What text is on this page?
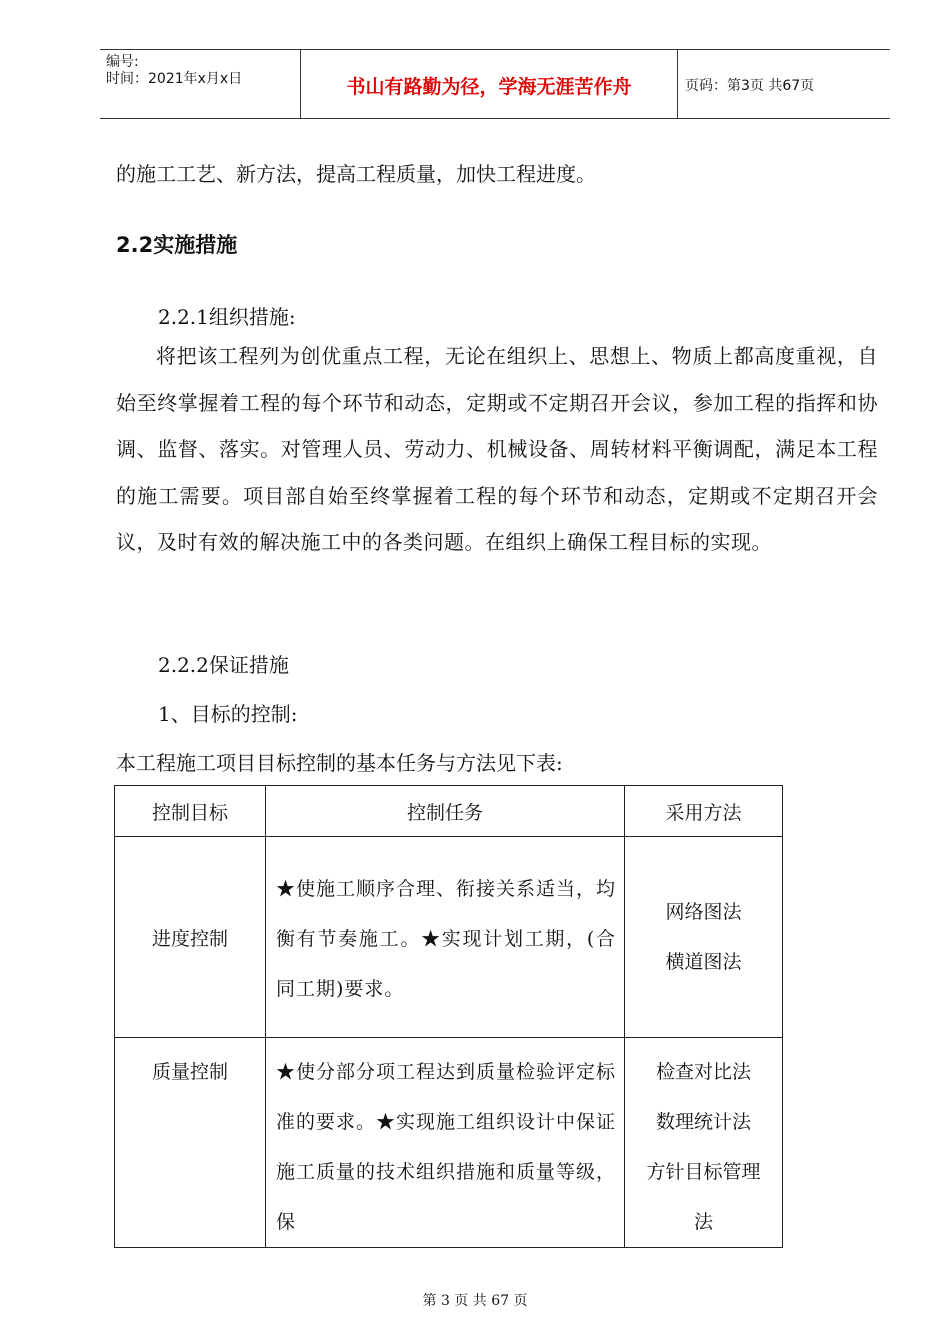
编号:
时间：2021年x月x日	书山有路勤为径，学海无涯苦作舟	页码：第3页 共67页
的施工工艺、新方法，提高工程质量，加快工程进度。
2.2实施措施
2.2.1组织措施:
将把该工程列为创优重点工程，无论在组织上、思想上、物质上都高度重视，自始至终掌握着工程的每个环节和动态，定期或不定期召开会议，参加工程的指挥和协调、监督、落实。对管理人员、劳动力、机械设备、周转材料平衡调配，满足本工程的施工需要。项目部自始至终掌握着工程的每个环节和动态，定期或不定期召开会议，及时有效的解决施工中的各类问题。在组织上确保工程目标的实现。
2.2.2保证措施
1、目标的控制:
本工程施工项目目标控制的基本任务与方法见下表:
控制目标	控制任务	采用方法
进度控制	★使施工顺序合理、衔接关系适当，均衡有节奏施工。★实现计划工期，(合同工期)要求。	网络图法
横道图法

质量控制	★使分部分项工程达到质量检验评定标准的要求。★实现施工组织设计中保证施工质量的技术组织措施和质量等级，保	检查对比法
数理统计法
方针目标管理
法
第 3 页 共 67 页
